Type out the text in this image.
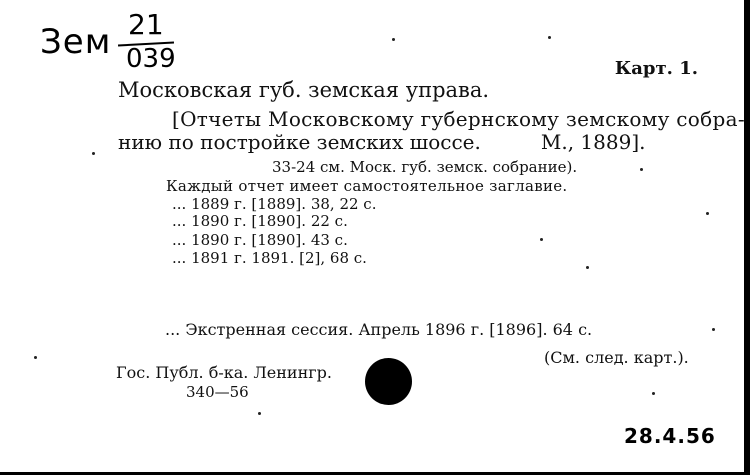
Зем 21
039	Карт. 1.
Московская губ. земская управа.
[Отчеты Московскому губернскому земскому собра-
нию по постройке земских шоссе.	М., 1889].
33-24 см. Моск. губ. земск. собрание).
Каждый отчет имеет самостоятельное заглавие.
... 1889 г. [1889]. 38, 22 с.
... 1890 г. [1890]. 22 с.
... 1890 г. [1890]. 43 с.
... 1891 г. 1891. [2], 68 с.
... Экстренная сессия. Апрель 1896 г. [1896]. 64 с.
(См. след. карт.).
Гос. Публ. б-ка. Ленингр.
340—56
28.4.56
